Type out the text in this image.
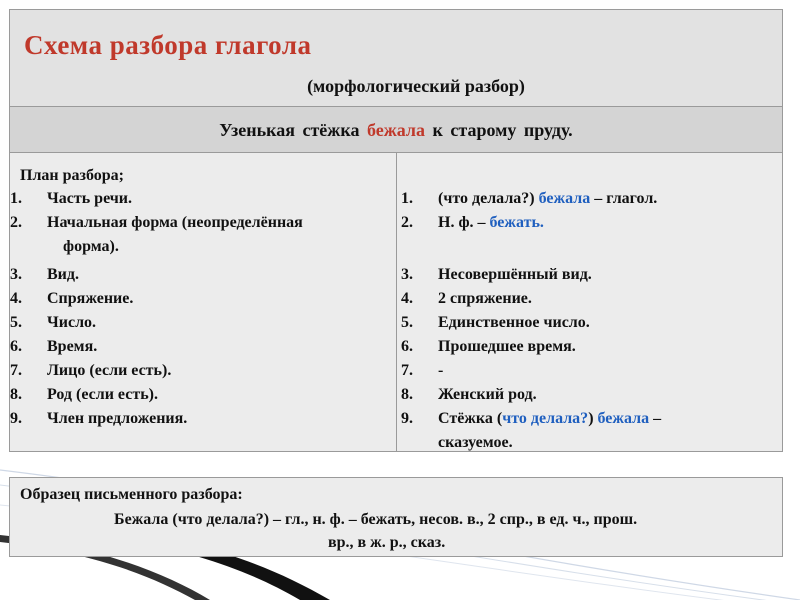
Схема разбора глагола
(морфологический разбор)
Узенькая стёжка бежала к старому пруду.
План разбора;
1. Часть речи.
2. Начальная форма (неопределённая
форма).
3. Вид.
4. Спряжение.
5. Число.
6. Время.
7. Лицо (если есть).
8. Род (если есть).
9. Член предложения.
1. (что делала?) бежала – глагол.
2. Н. ф. – бежать.
3. Несовершённый вид.
4. 2 спряжение.
5. Единственное число.
6. Прошедшее время.
7. -
8. Женский род.
9. Стёжка (что делала?) бежала –
сказуемое.
Образец письменного разбора:
Бежала (что делала?) – гл., н. ф. – бежать, несов. в., 2 спр., в ед. ч., прош.
вр., в ж. р., сказ.
